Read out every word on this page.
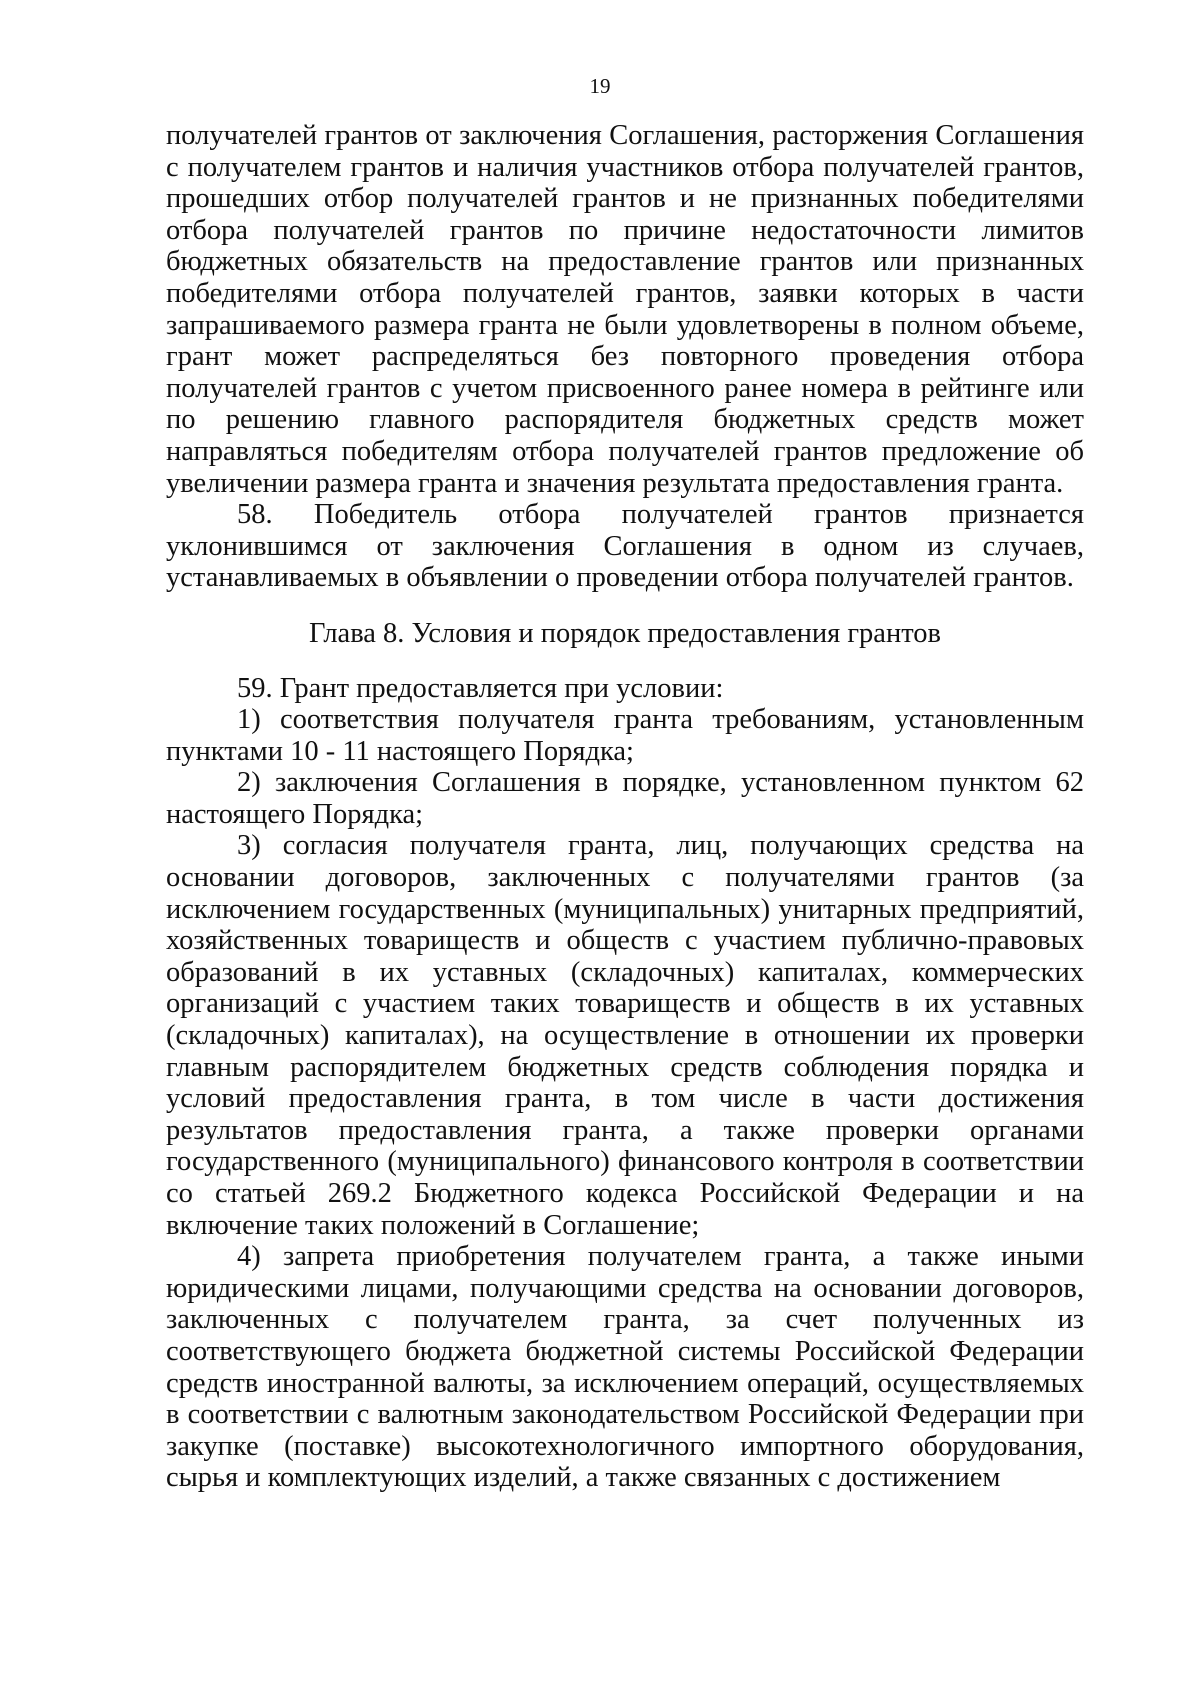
19

получателей грантов от заключения Соглашения, расторжения Соглашения с получателем грантов и наличия участников отбора получателей грантов, прошедших отбор получателей грантов и не признанных победителями отбора получателей грантов по причине недостаточности лимитов бюджетных обязательств на предоставление грантов или признанных победителями отбора получателей грантов, заявки которых в части запрашиваемого размера гранта не были удовлетворены в полном объеме, грант может распределяться без повторного проведения отбора получателей грантов с учетом присвоенного ранее номера в рейтинге или по решению главного распорядителя бюджетных средств может направляться победителям отбора получателей грантов предложение об увеличении размера гранта и значения результата предоставления гранта.

58. Победитель отбора получателей грантов признается уклонившимся от заключения Соглашения в одном из случаев, устанавливаемых в объявлении о проведении отбора получателей грантов.

Глава 8. Условия и порядок предоставления грантов

59. Грант предоставляется при условии:

1) соответствия получателя гранта требованиям, установленным пунктами 10 - 11 настоящего Порядка;

2) заключения Соглашения в порядке, установленном пунктом 62 настоящего Порядка;

3) согласия получателя гранта, лиц, получающих средства на основании договоров, заключенных с получателями грантов (за исключением государственных (муниципальных) унитарных предприятий, хозяйственных товариществ и обществ с участием публично-правовых образований в их уставных (складочных) капиталах, коммерческих организаций с участием таких товариществ и обществ в их уставных (складочных) капиталах), на осуществление в отношении их проверки главным распорядителем бюджетных средств соблюдения порядка и условий предоставления гранта, в том числе в части достижения результатов предоставления гранта, а также проверки органами государственного (муниципального) финансового контроля в соответствии со статьей 269.2 Бюджетного кодекса Российской Федерации и на включение таких положений в Соглашение;

4) запрета приобретения получателем гранта, а также иными юридическими лицами, получающими средства на основании договоров, заключенных с получателем гранта, за счет полученных из соответствующего бюджета бюджетной системы Российской Федерации средств иностранной валюты, за исключением операций, осуществляемых в соответствии с валютным законодательством Российской Федерации при закупке (поставке) высокотехнологичного импортного оборудования, сырья и комплектующих изделий, а также связанных с достижением
